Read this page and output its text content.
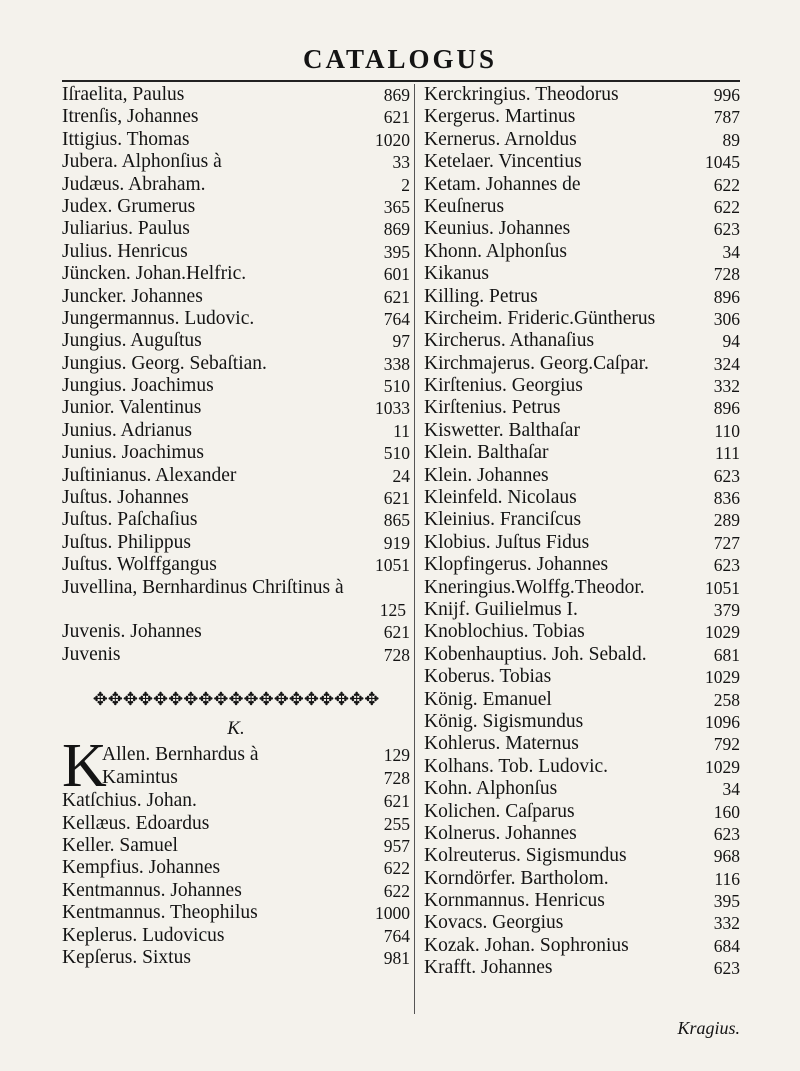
CATALOGUS
Iſraelita, Paulus	869
Itrenſis, Johannes	621
Ittigius. Thomas	1020
Jubera. Alphonſius à	33
Judæus. Abraham.	2
Judex. Grumerus	365
Juliarius. Paulus	869
Julius. Henricus	395
Jüncken. Johan.Helfric.	601
Juncker. Johannes	621
Jungermannus. Ludovic.	764
Jungius. Auguſtus	97
Jungius. Georg. Sebaſtian.	338
Jungius. Joachimus	510
Junior. Valentinus	1033
Junius. Adrianus	11
Junius. Joachimus	510
Juſtinianus. Alexander	24
Juſtus. Johannes	621
Juſtus. Paſchaſius	865
Juſtus. Philippus	919
Juſtus. Wolffgangus	1051
Juvellina, Bernhardinus Chriſtinus à
125
Juvenis. Johannes	621
Juvenis	728
✥✥✥✥✥✥✥✥✥✥✥✥✥✥✥✥✥✥✥
K.
K
Allen. Bernhardus à	129
Kamintus	728
Katſchius. Johan.	621
Kellæus. Edoardus	255
Keller. Samuel	957
Kempfius. Johannes	622
Kentmannus. Johannes	622
Kentmannus. Theophilus	1000
Keplerus. Ludovicus	764
Kepſerus. Sixtus	981
Kerckringius. Theodorus	996
Kergerus. Martinus	787
Kernerus. Arnoldus	89
Ketelaer. Vincentius	1045
Ketam. Johannes de	622
Keuſnerus	622
Keunius. Johannes	623
Khonn. Alphonſus	34
Kikanus	728
Killing. Petrus	896
Kircheim. Frideric.Güntherus	306
Kircherus. Athanaſius	94
Kirchmajerus. Georg.Caſpar.	324
Kirſtenius. Georgius	332
Kirſtenius. Petrus	896
Kiswetter. Balthaſar	110
Klein. Balthaſar	111
Klein. Johannes	623
Kleinfeld. Nicolaus	836
Kleinius. Franciſcus	289
Klobius. Juſtus Fidus	727
Klopfingerus. Johannes	623
Kneringius.Wolffg.Theodor.	1051
Knijf. Guilielmus I.	379
Knoblochius. Tobias	1029
Kobenhauptius. Joh. Sebald.	681
Koberus. Tobias	1029
König. Emanuel	258
König. Sigismundus	1096
Kohlerus. Maternus	792
Kolhans. Tob. Ludovic.	1029
Kohn. Alphonſus	34
Kolichen. Caſparus	160
Kolnerus. Johannes	623
Kolreuterus. Sigismundus	968
Korndörfer. Bartholom.	116
Kornmannus. Henricus	395
Kovacs. Georgius	332
Kozak. Johan. Sophronius	684
Krafft. Johannes	623
Kragius.
